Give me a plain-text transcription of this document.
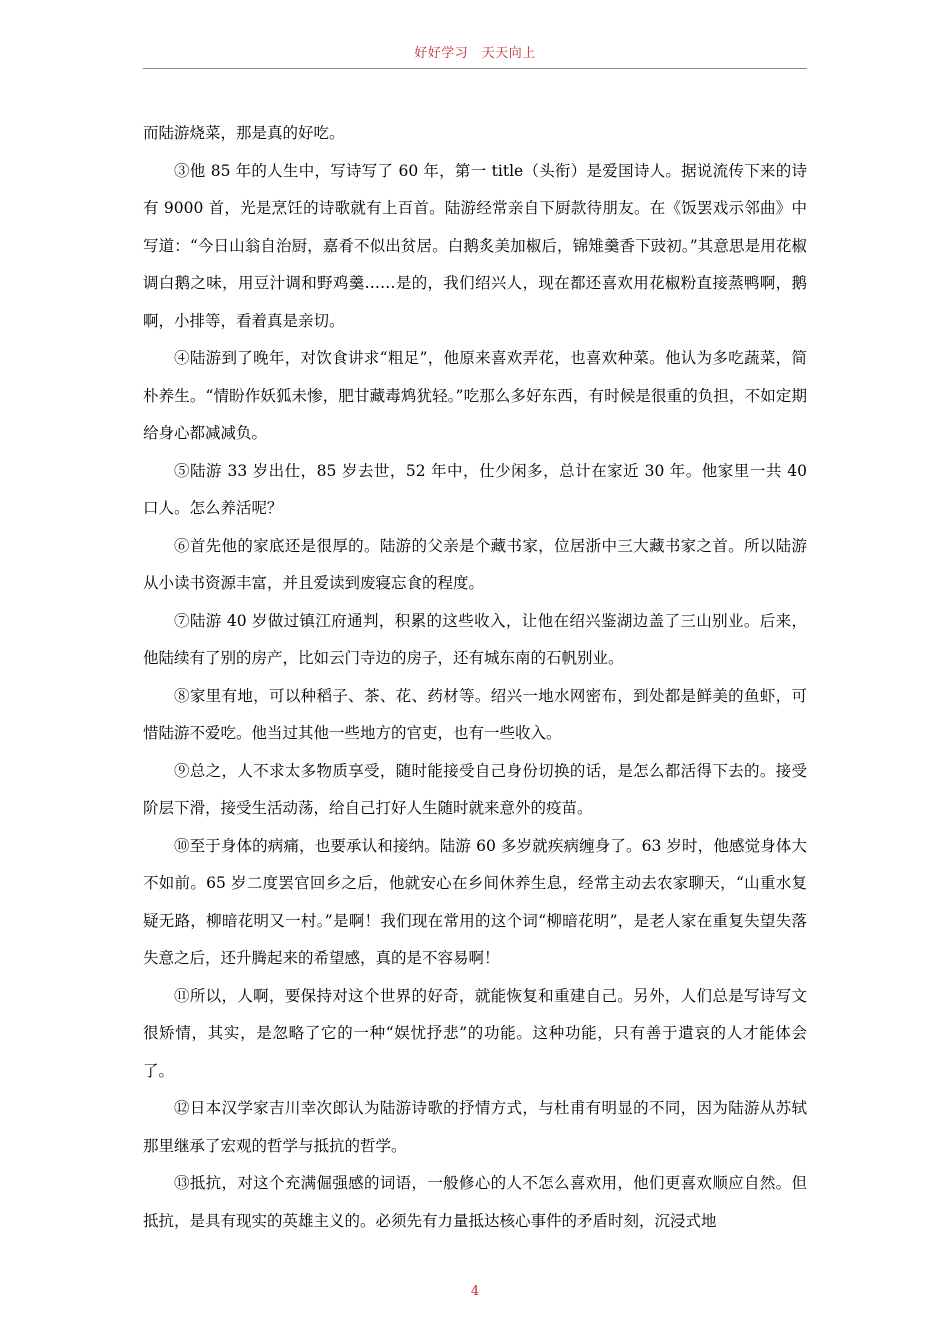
好好学习　天天向上

而陆游烧菜，那是真的好吃。

③他 85 年的人生中，写诗写了 60 年，第一 title（头衔）是爱国诗人。据说流传下来的诗有 9000 首，光是烹饪的诗歌就有上百首。陆游经常亲自下厨款待朋友。在《饭罢戏示邻曲》中写道：“今日山翁自治厨，嘉肴不似出贫居。白鹅炙美加椒后，锦雉羹香下豉初。”其意思是用花椒调白鹅之味，用豆汁调和野鸡羹……是的，我们绍兴人，现在都还喜欢用花椒粉直接蒸鸭啊，鹅啊，小排等，看着真是亲切。

④陆游到了晚年，对饮食讲求“粗足”，他原来喜欢弄花，也喜欢种菜。他认为多吃蔬菜，简朴养生。“情盼作妖狐未惨，肥甘藏毒鸩犹轻。”吃那么多好东西，有时候是很重的负担，不如定期给身心都减减负。

⑤陆游 33 岁出仕，85 岁去世，52 年中，仕少闲多，总计在家近 30 年。他家里一共 40 口人。怎么养活呢？

⑥首先他的家底还是很厚的。陆游的父亲是个藏书家，位居浙中三大藏书家之首。所以陆游从小读书资源丰富，并且爱读到废寝忘食的程度。

⑦陆游 40 岁做过镇江府通判，积累的这些收入，让他在绍兴鉴湖边盖了三山别业。后来，他陆续有了别的房产，比如云门寺边的房子，还有城东南的石帆别业。

⑧家里有地，可以种稻子、茶、花、药材等。绍兴一地水网密布，到处都是鲜美的鱼虾，可惜陆游不爱吃。他当过其他一些地方的官吏，也有一些收入。

⑨总之，人不求太多物质享受，随时能接受自己身份切换的话，是怎么都活得下去的。接受阶层下滑，接受生活动荡，给自己打好人生随时就来意外的疫苗。

⑩至于身体的病痛，也要承认和接纳。陆游 60 多岁就疾病缠身了。63 岁时，他感觉身体大不如前。65 岁二度罢官回乡之后，他就安心在乡间休养生息，经常主动去农家聊天，“山重水复疑无路，柳暗花明又一村。”是啊！我们现在常用的这个词“柳暗花明”，是老人家在重复失望失落失意之后，还升腾起来的希望感，真的是不容易啊！

⑪所以，人啊，要保持对这个世界的好奇，就能恢复和重建自己。另外，人们总是写诗写文很矫情，其实，是忽略了它的一种“娱忧抒悲”的功能。这种功能，只有善于遣哀的人才能体会了。

⑫日本汉学家吉川幸次郎认为陆游诗歌的抒情方式，与杜甫有明显的不同，因为陆游从苏轼那里继承了宏观的哲学与抵抗的哲学。

⑬抵抗，对这个充满倔强感的词语，一般修心的人不怎么喜欢用，他们更喜欢顺应自然。但抵抗，是具有现实的英雄主义的。必须先有力量抵达核心事件的矛盾时刻，沉浸式地

4
